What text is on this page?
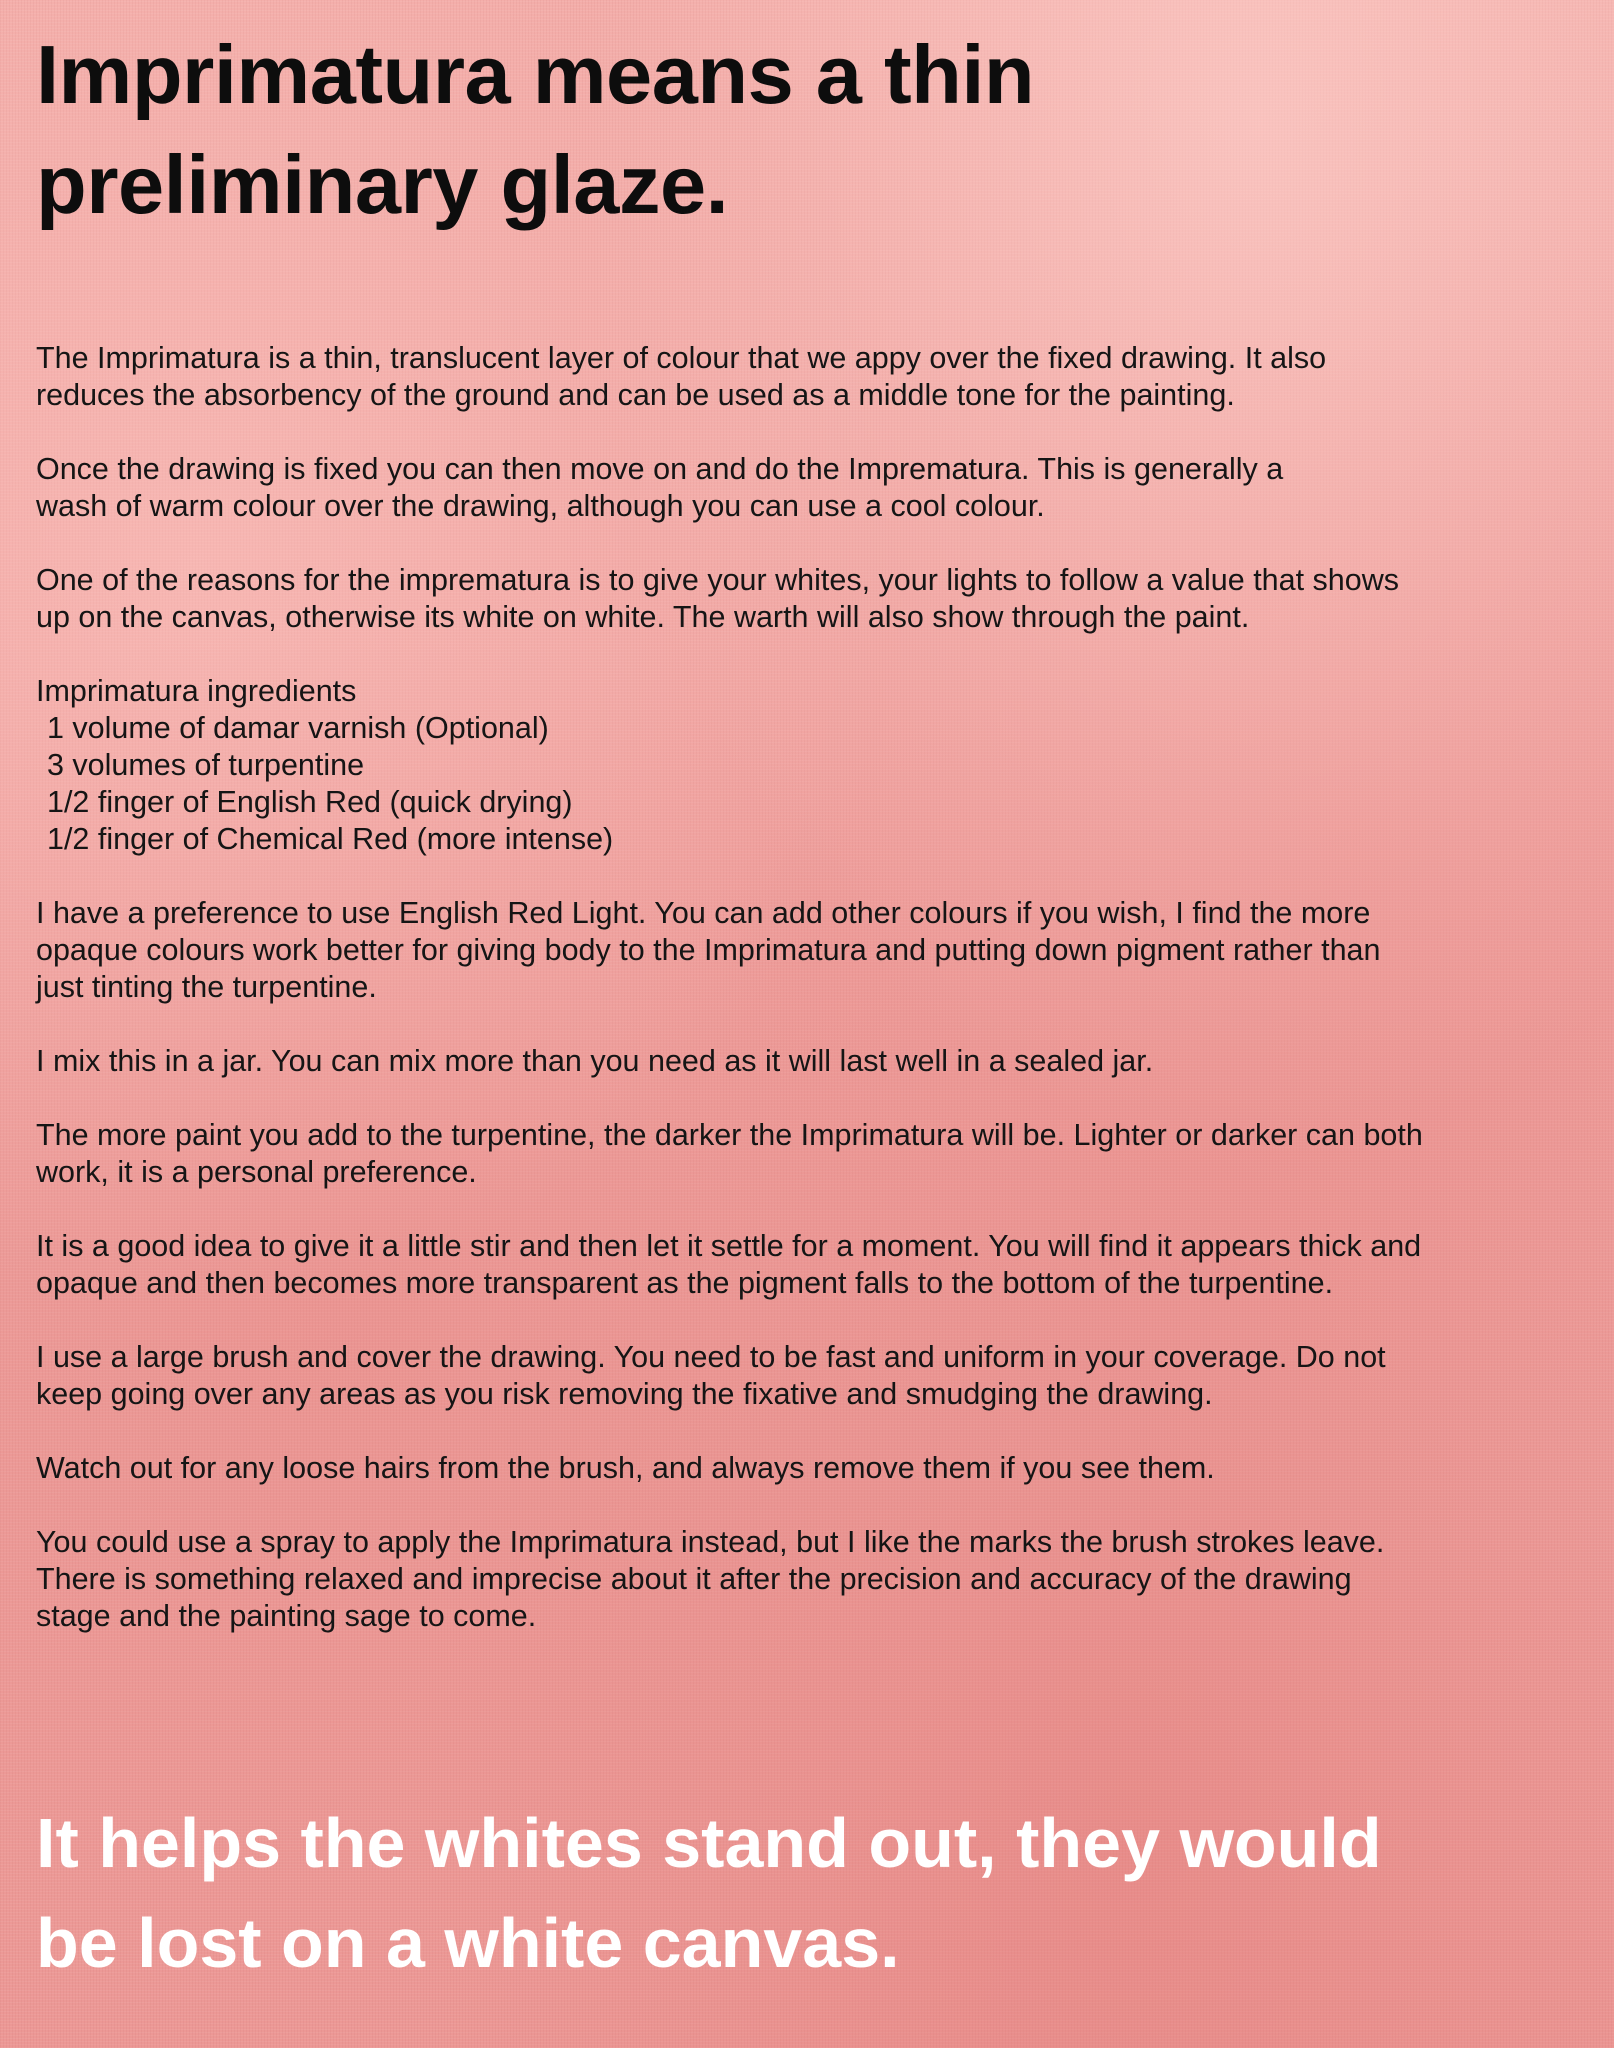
Imprimatura means a thin
preliminary glaze.

The Imprimatura is a thin, translucent layer of colour that we appy over the fixed drawing. It also
reduces the absorbency of the ground and can be used as a middle tone for the painting.

Once the drawing is fixed you can then move on and do the Imprematura. This is generally a
wash of warm colour over the drawing, although you can use a cool colour.

One of the reasons for the imprematura is to give your whites, your lights to follow a value that shows
up on the canvas, otherwise its white on white. The warth will also show through the paint.

Imprimatura ingredients
1 volume of damar varnish (Optional)
3 volumes of turpentine
1/2 finger of English Red (quick drying)
1/2 finger of Chemical Red (more intense)

I have a preference to use English Red Light. You can add other colours if you wish, I find the more
opaque colours work better for giving body to the Imprimatura and putting down pigment rather than
just tinting the turpentine.

I mix this in a jar. You can mix more than you need as it will last well in a sealed jar.

The more paint you add to the turpentine, the darker the Imprimatura will be. Lighter or darker can both
work, it is a personal preference.

It is a good idea to give it a little stir and then let it settle for a moment. You will find it appears thick and
opaque and then becomes more transparent as the pigment falls to the bottom of the turpentine.

I use a large brush and cover the drawing. You need to be fast and uniform in your coverage. Do not
keep going over any areas as you risk removing the fixative and smudging the drawing.

Watch out for any loose hairs from the brush, and always remove them if you see them.

You could use a spray to apply the Imprimatura instead, but I like the marks the brush strokes leave.
There is something relaxed and imprecise about it after the precision and accuracy of the drawing
stage and the painting sage to come.

It helps the whites stand out, they would
be lost on a white canvas.
